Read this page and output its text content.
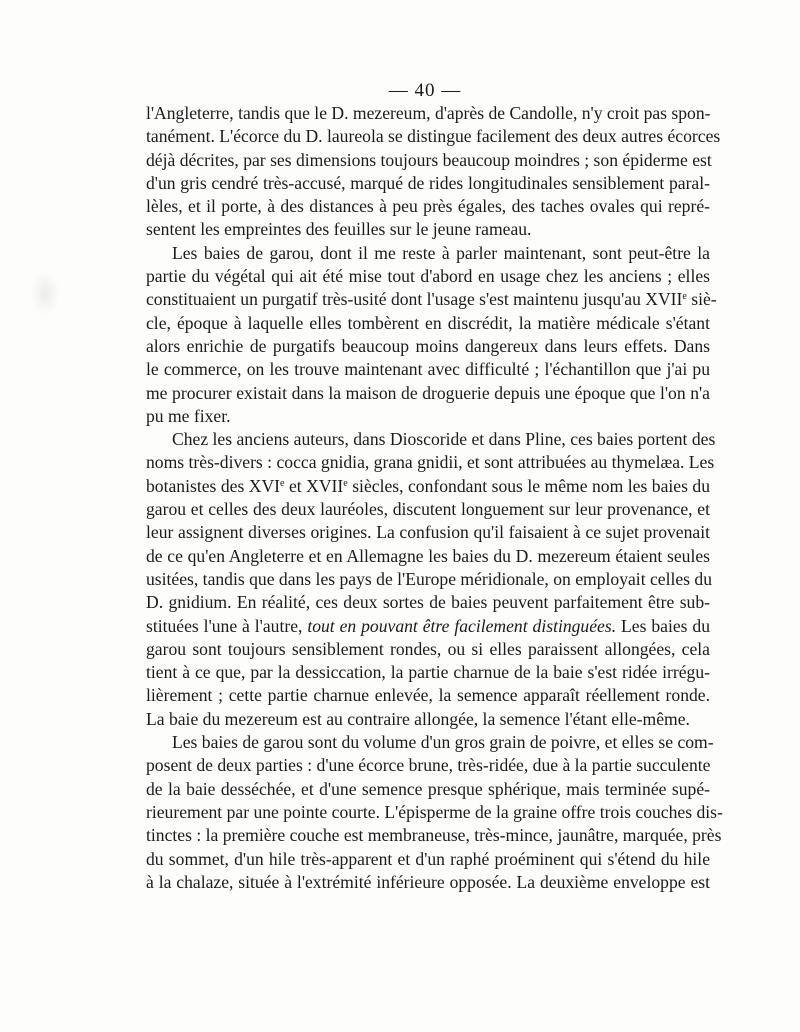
— 40 —
l'Angleterre, tandis que le D. mezereum, d'après de Candolle, n'y croit pas spon-
tanément. L'écorce du D. laureola se distingue facilement des deux autres écorces
déjà décrites, par ses dimensions toujours beaucoup moindres ; son épiderme est
d'un gris cendré très-accusé, marqué de rides longitudinales sensiblement paral-
lèles, et il porte, à des distances à peu près égales, des taches ovales qui repré-
sentent les empreintes des feuilles sur le jeune rameau.
Les baies de garou, dont il me reste à parler maintenant, sont peut-être la
partie du végétal qui ait été mise tout d'abord en usage chez les anciens ; elles
constituaient un purgatif très-usité dont l'usage s'est maintenu jusqu'au XVIIe siè-
cle, époque à laquelle elles tombèrent en discrédit, la matière médicale s'étant
alors enrichie de purgatifs beaucoup moins dangereux dans leurs effets. Dans
le commerce, on les trouve maintenant avec difficulté ; l'échantillon que j'ai pu
me procurer existait dans la maison de droguerie depuis une époque que l'on n'a
pu me fixer.
Chez les anciens auteurs, dans Dioscoride et dans Pline, ces baies portent des
noms très-divers : cocca gnidia, grana gnidii, et sont attribuées au thymelæa. Les
botanistes des XVIe et XVIIe siècles, confondant sous le même nom les baies du
garou et celles des deux lauréoles, discutent longuement sur leur provenance, et
leur assignent diverses origines. La confusion qu'il faisaient à ce sujet provenait
de ce qu'en Angleterre et en Allemagne les baies du D. mezereum étaient seules
usitées, tandis que dans les pays de l'Europe méridionale, on employait celles du
D. gnidium. En réalité, ces deux sortes de baies peuvent parfaitement être sub-
stituées l'une à l'autre, tout en pouvant être facilement distinguées. Les baies du
garou sont toujours sensiblement rondes, ou si elles paraissent allongées, cela
tient à ce que, par la dessiccation, la partie charnue de la baie s'est ridée irrégu-
lièrement ; cette partie charnue enlevée, la semence apparaît réellement ronde.
La baie du mezereum est au contraire allongée, la semence l'étant elle-même.
Les baies de garou sont du volume d'un gros grain de poivre, et elles se com-
posent de deux parties : d'une écorce brune, très-ridée, due à la partie succulente
de la baie desséchée, et d'une semence presque sphérique, mais terminée supé-
rieurement par une pointe courte. L'épisperme de la graine offre trois couches dis-
tinctes : la première couche est membraneuse, très-mince, jaunâtre, marquée, près
du sommet, d'un hile très-apparent et d'un raphé proéminent qui s'étend du hile
à la chalaze, située à l'extrémité inférieure opposée. La deuxième enveloppe est
